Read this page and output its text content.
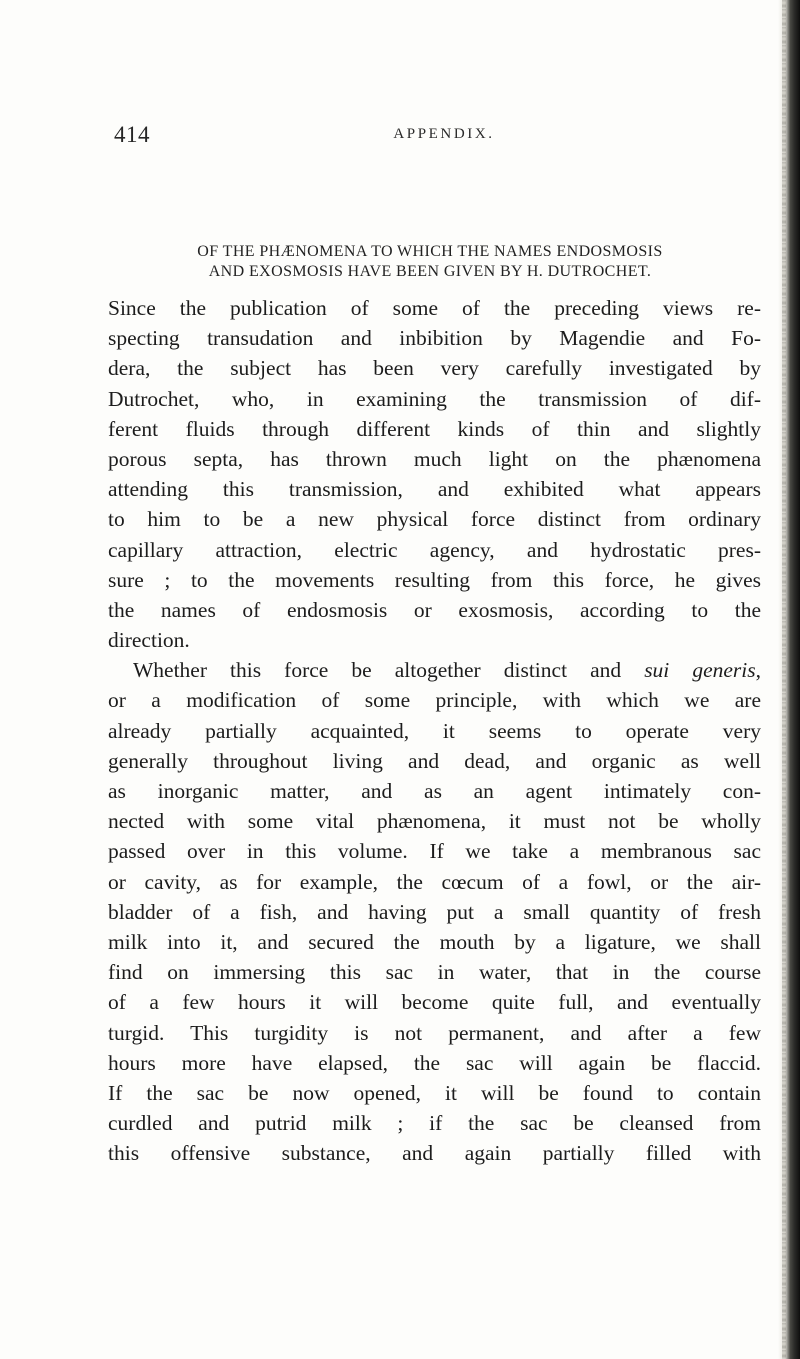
414	APPENDIX.
OF THE PHÆNOMENA TO WHICH THE NAMES ENDOSMOSIS
AND EXOSMOSIS HAVE BEEN GIVEN BY H. DUTROCHET.
Since the publication of some of the preceding views re-
specting transudation and inbibition by Magendie and Fo-
dera, the subject has been very carefully investigated by
Dutrochet, who, in examining the transmission of dif-
ferent fluids through different kinds of thin and slightly
porous septa, has thrown much light on the phænomena
attending this transmission, and exhibited what appears
to him to be a new physical force distinct from ordinary
capillary attraction, electric agency, and hydrostatic pres-
sure ; to the movements resulting from this force, he gives
the names of endosmosis or exosmosis, according to the
direction.
Whether this force be altogether distinct and sui generis,
or a modification of some principle, with which we are
already partially acquainted, it seems to operate very
generally throughout living and dead, and organic as well
as inorganic matter, and as an agent intimately con-
nected with some vital phænomena, it must not be wholly
passed over in this volume. If we take a membranous sac
or cavity, as for example, the cœcum of a fowl, or the air-
bladder of a fish, and having put a small quantity of fresh
milk into it, and secured the mouth by a ligature, we shall
find on immersing this sac in water, that in the course
of a few hours it will become quite full, and eventually
turgid. This turgidity is not permanent, and after a few
hours more have elapsed, the sac will again be flaccid.
If the sac be now opened, it will be found to contain
curdled and putrid milk ; if the sac be cleansed from
this offensive substance, and again partially filled with
